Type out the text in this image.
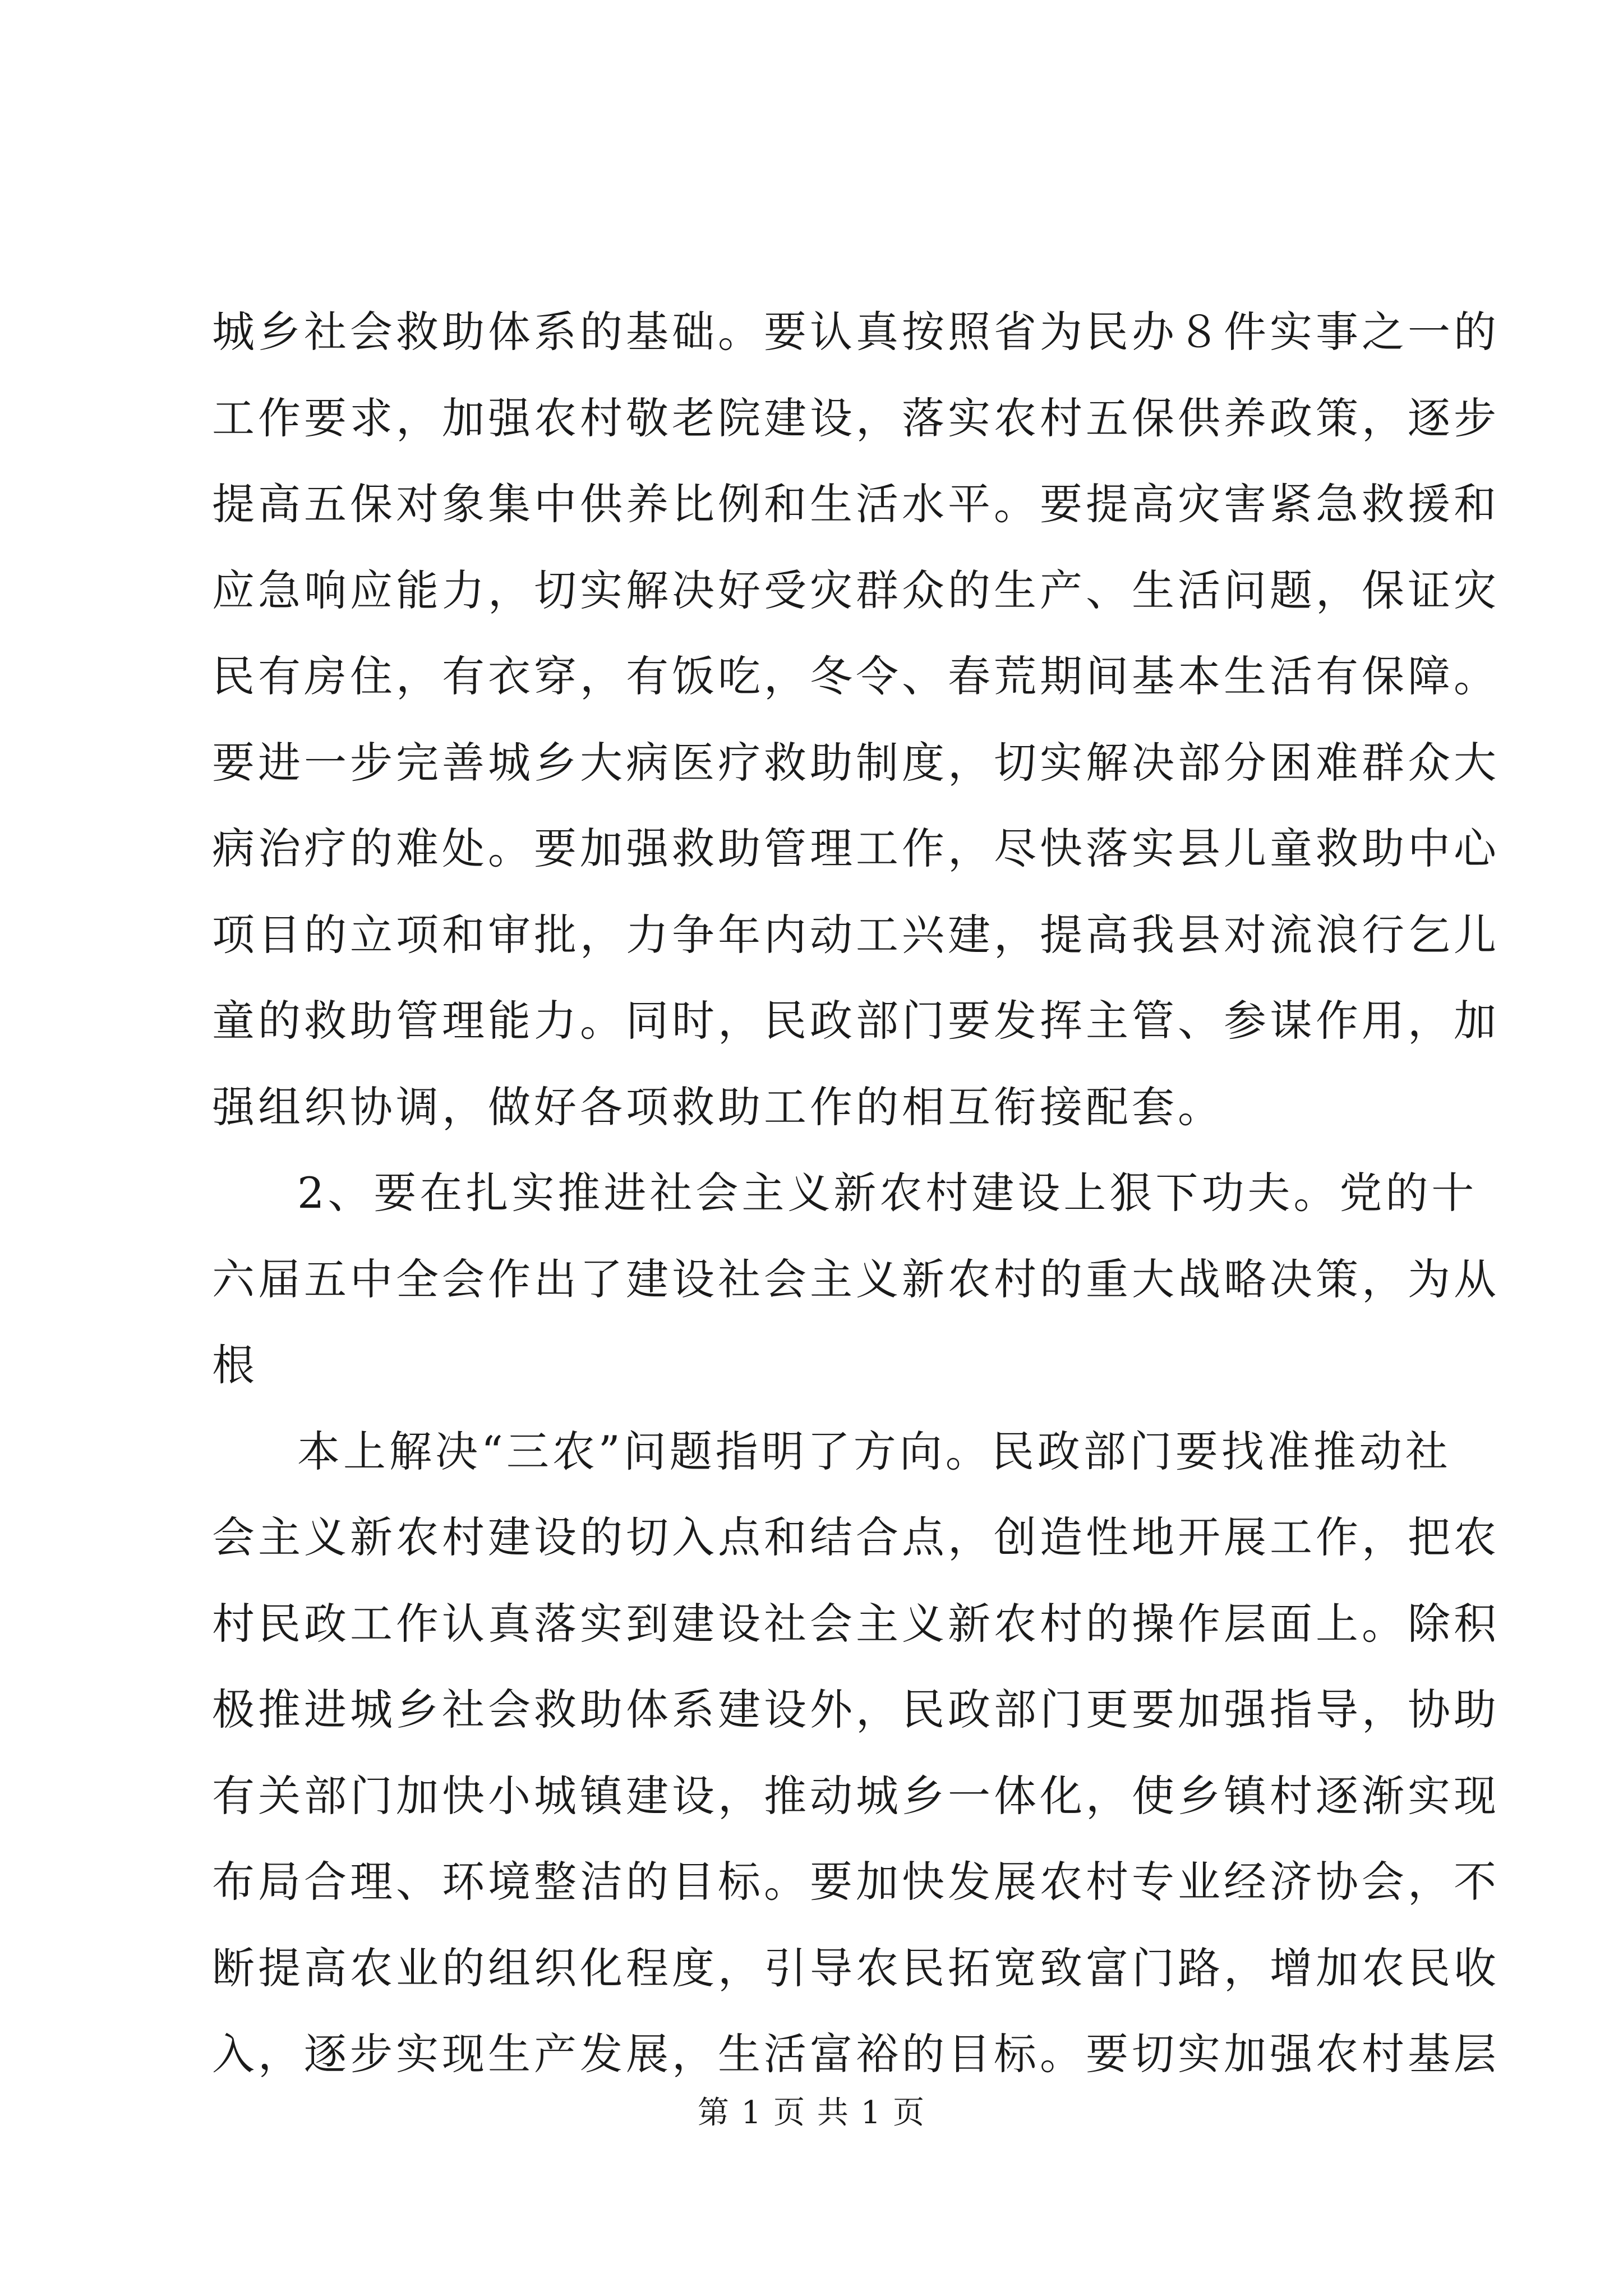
城乡社会救助体系的基础。要认真按照省为民办８件实事之一的
工作要求，加强农村敬老院建设，落实农村五保供养政策，逐步
提高五保对象集中供养比例和生活水平。要提高灾害紧急救援和
应急响应能力，切实解决好受灾群众的生产、生活问题，保证灾
民有房住，有衣穿，有饭吃，冬令、春荒期间基本生活有保障。
要进一步完善城乡大病医疗救助制度，切实解决部分困难群众大
病治疗的难处。要加强救助管理工作，尽快落实县儿童救助中心
项目的立项和审批，力争年内动工兴建，提高我县对流浪行乞儿
童的救助管理能力。同时，民政部门要发挥主管、参谋作用，加
强组织协调，做好各项救助工作的相互衔接配套。
2、要在扎实推进社会主义新农村建设上狠下功夫。党的十
六届五中全会作出了建设社会主义新农村的重大战略决策，为从
根
本上解决“三农”问题指明了方向。民政部门要找准推动社
会主义新农村建设的切入点和结合点，创造性地开展工作，把农
村民政工作认真落实到建设社会主义新农村的操作层面上。除积
极推进城乡社会救助体系建设外，民政部门更要加强指导，协助
有关部门加快小城镇建设，推动城乡一体化，使乡镇村逐渐实现
布局合理、环境整洁的目标。要加快发展农村专业经济协会，不
断提高农业的组织化程度，引导农民拓宽致富门路，增加农民收
入，逐步实现生产发展，生活富裕的目标。要切实加强农村基层
第 1 页 共 1 页
